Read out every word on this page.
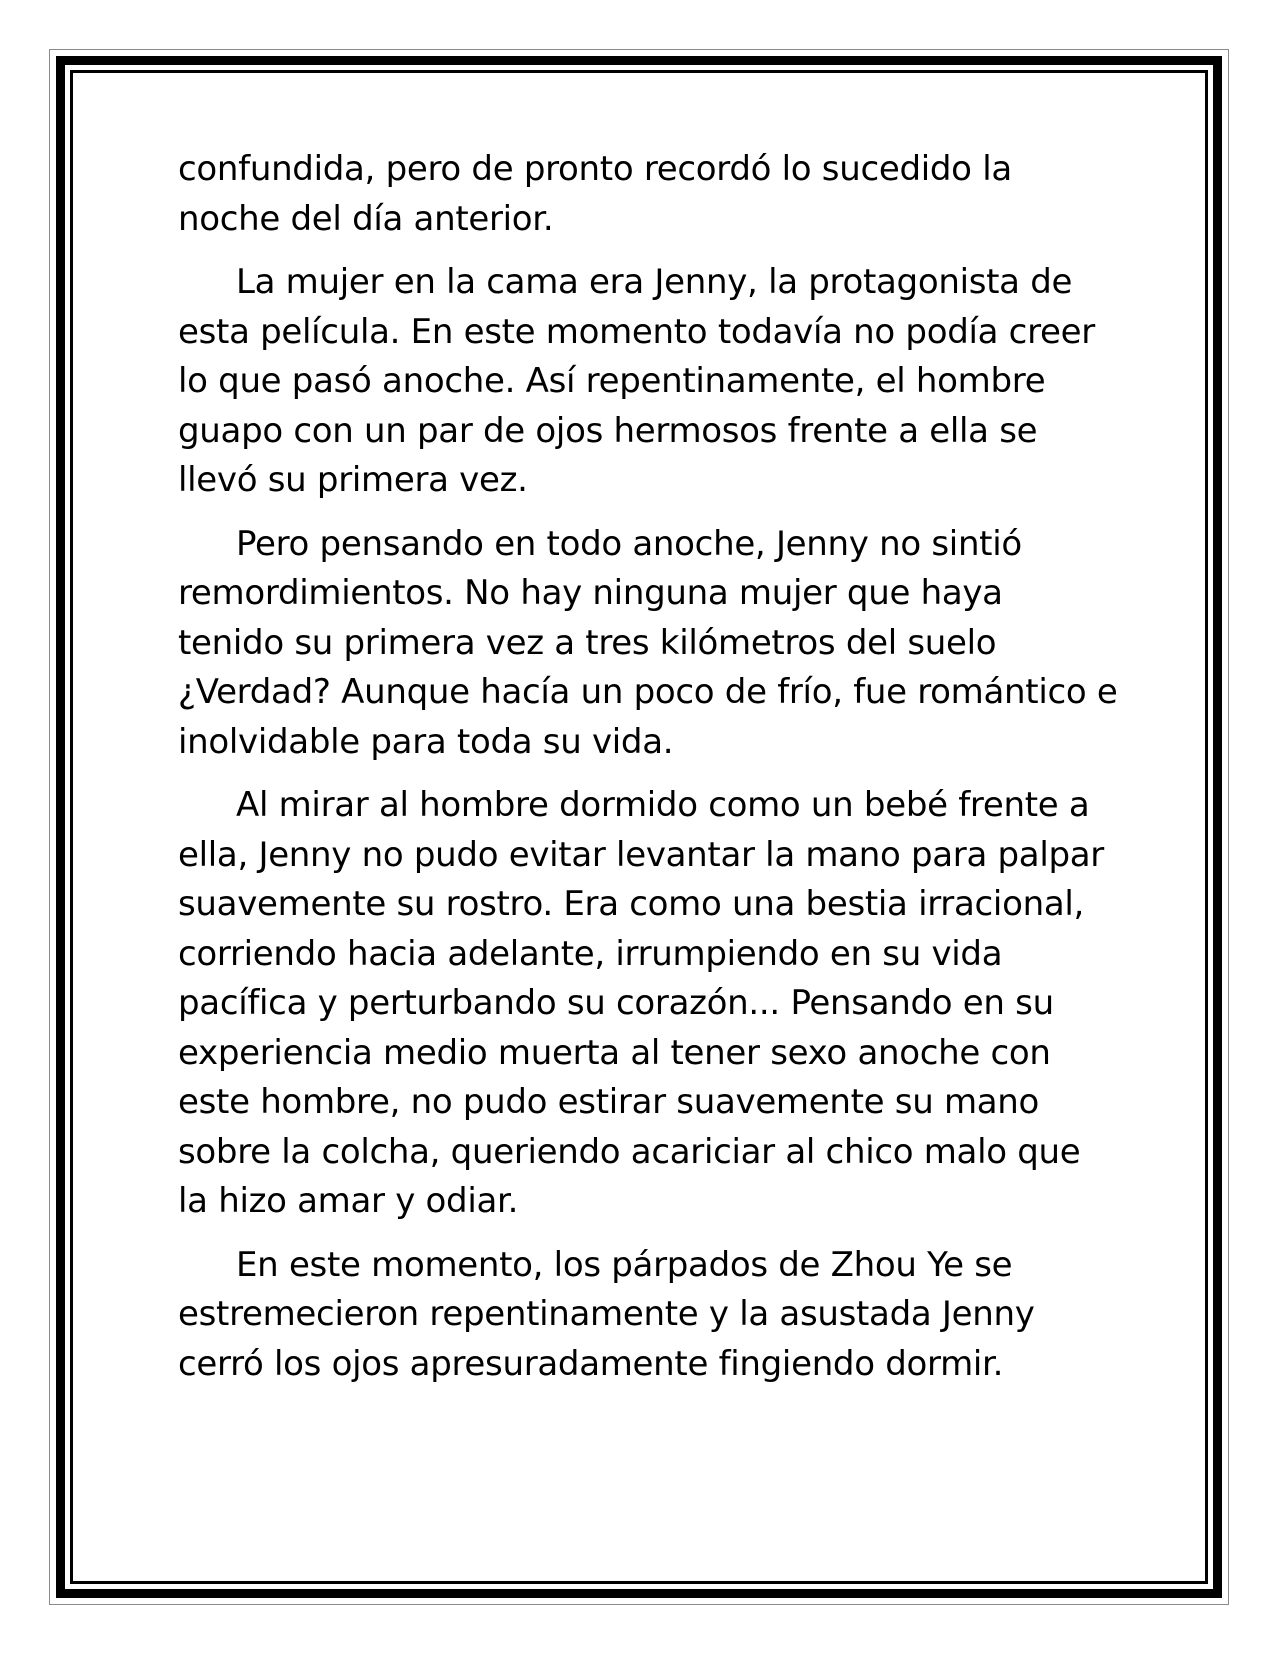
confundida, pero de pronto recordó lo sucedido la noche del día anterior.

La mujer en la cama era Jenny, la protagonista de esta película. En este momento todavía no podía creer lo que pasó anoche. Así repentinamente, el hombre guapo con un par de ojos hermosos frente a ella se llevó su primera vez.

Pero pensando en todo anoche, Jenny no sintió remordimientos. No hay ninguna mujer que haya tenido su primera vez a tres kilómetros del suelo ¿Verdad? Aunque hacía un poco de frío, fue romántico e inolvidable para toda su vida.

Al mirar al hombre dormido como un bebé frente a ella, Jenny no pudo evitar levantar la mano para palpar suavemente su rostro. Era como una bestia irracional, corriendo hacia adelante, irrumpiendo en su vida pacífica y perturbando su corazón... Pensando en su experiencia medio muerta al tener sexo anoche con este hombre, no pudo estirar suavemente su mano sobre la colcha, queriendo acariciar al chico malo que la hizo amar y odiar.

En este momento, los párpados de Zhou Ye se estremecieron repentinamente y la asustada Jenny cerró los ojos apresuradamente fingiendo dormir.
